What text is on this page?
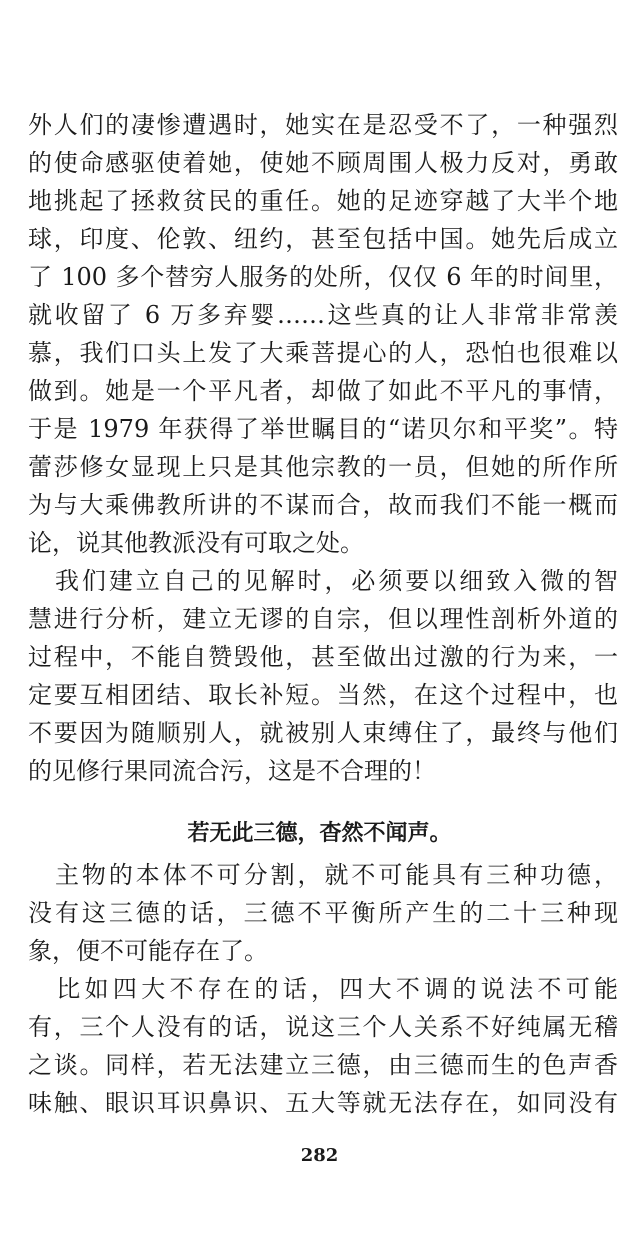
外人们的凄惨遭遇时，她实在是忍受不了，一种强烈
的使命感驱使着她，使她不顾周围人极力反对，勇敢
地挑起了拯救贫民的重任。她的足迹穿越了大半个地
球，印度、伦敦、纽约，甚至包括中国。她先后成立
了 100 多个替穷人服务的处所，仅仅 6 年的时间里，
就收留了 6 万多弃婴……这些真的让人非常非常羡
慕，我们口头上发了大乘菩提心的人，恐怕也很难以
做到。她是一个平凡者，却做了如此不平凡的事情，
于是 1979 年获得了举世瞩目的“诺贝尔和平奖”。特
蕾莎修女显现上只是其他宗教的一员，但她的所作所
为与大乘佛教所讲的不谋而合，故而我们不能一概而
论，说其他教派没有可取之处。
　我们建立自己的见解时，必须要以细致入微的智
慧进行分析，建立无谬的自宗，但以理性剖析外道的
过程中，不能自赞毁他，甚至做出过激的行为来，一
定要互相团结、取长补短。当然，在这个过程中，也
不要因为随顺别人，就被别人束缚住了，最终与他们
的见修行果同流合污，这是不合理的！
若无此三德，杳然不闻声。
　主物的本体不可分割，就不可能具有三种功德，
没有这三德的话，三德不平衡所产生的二十三种现
象，便不可能存在了。
　比如四大不存在的话，四大不调的说法不可能
有，三个人没有的话，说这三个人关系不好纯属无稽
之谈。同样，若无法建立三德，由三德而生的色声香
味触、眼识耳识鼻识、五大等就无法存在，如同没有
282
